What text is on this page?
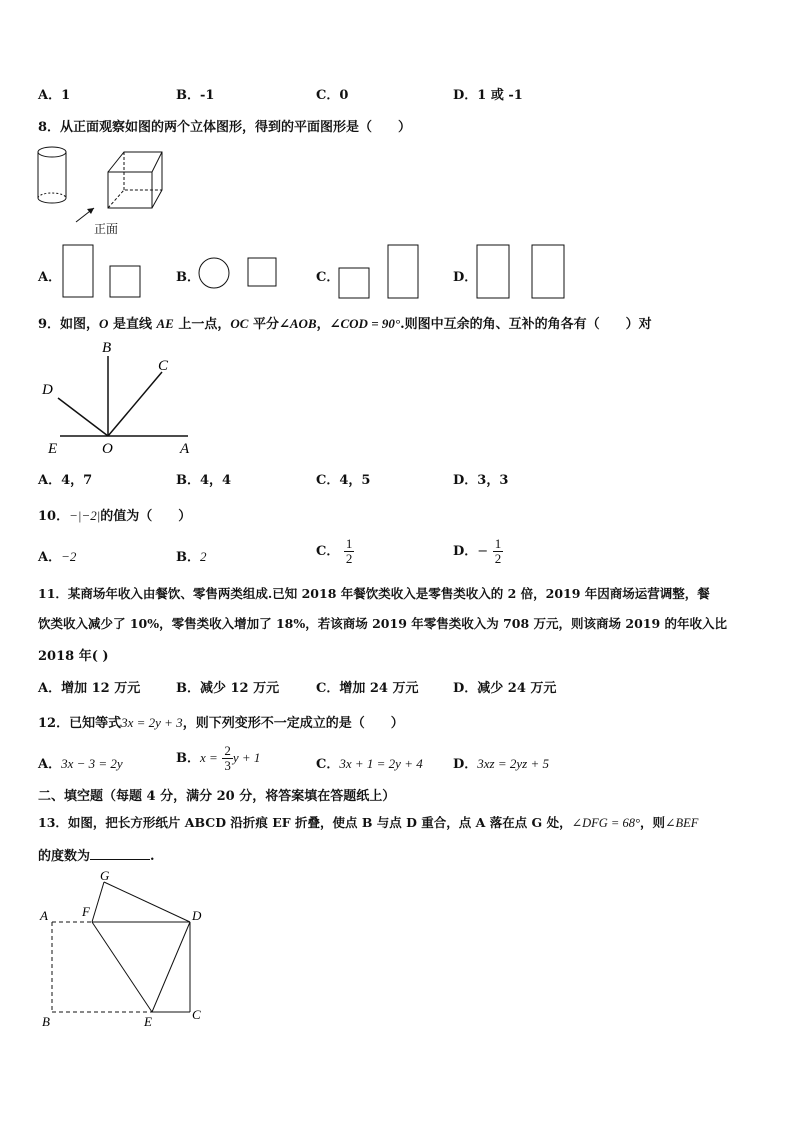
A．1	B．-1	C．0	D．1 或 -1
8．从正面观察如图的两个立体图形，得到的平面图形是（　　）
正面
A．	B．	C．	D．
9．如图，O 是直线 AE 上一点，OC 平分∠AOB，∠COD = 90°.则图中互余的角、互补的角各有（　　）对
B
C
D
E	O	A
A．4，7	B．4，4	C．4，5	D．3，3
10．−|−2|的值为（　　）
A．−2	B．2	C． $\frac{1}{2}$	D．− $\frac{1}{2}$
11．某商场年收入由餐饮、零售两类组成.已知 2018 年餐饮类收入是零售类收入的 2 倍，2019 年因商场运营调整，餐
饮类收入减少了 10%，零售类收入增加了 18%，若该商场 2019 年零售类收入为 708 万元，则该商场 2019 的年收入比
2018 年( )
A．增加 12 万元	B．减少 12 万元	C．增加 24 万元	D．减少 24 万元
12．已知等式3x = 2y + 3，则下列变形不一定成立的是（　　）
A．3x − 3 = 2y	B．$x = \frac{2}{3}$ y + 1	C．3x + 1 = 2y + 4 D．3xz = 2yz + 5
二、填空题（每题 4 分，满分 20 分，将答案填在答题纸上）
13．如图，把长方形纸片 ABCD 沿折痕 EF 折叠，使点 B 与点 D 重合，点 A 落在点 G 处，∠DFG = 68°，则∠BEF
的度数为	.
G
A	F	D
B	E	C
